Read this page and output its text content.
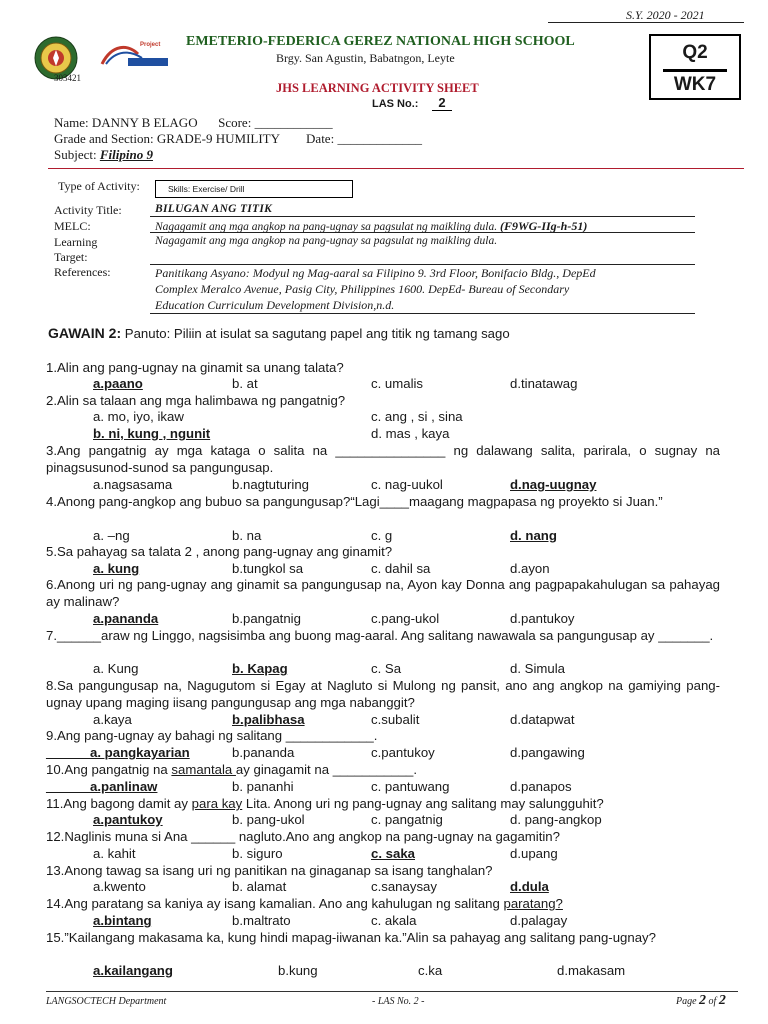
S.Y. 2020 - 2021
Project
303421
EMETERIO-FEDERICA GEREZ NATIONAL HIGH SCHOOL
Brgy. San Agustin, Babatngon, Leyte	Q2
WK7
JHS LEARNING ACTIVITY SHEET
LAS No.:	2
Name: DANNY B ELAGO Score: ____________
Grade and Section: GRADE-9 HUMILITY Date: _____________
Subject: Filipino 9
Type of Activity:	Skills: Exercise/ Drill
Activity Title:	BILUGAN ANG TITIK
MELC:	Nagagamit ang mga angkop na pang-ugnay sa pagsulat ng maikling dula. (F9WG-IIg-h-51)
Learning
Target:
Nagagamit ang mga angkop na pang-ugnay sa pagsulat ng maikling dula.
References:	Panitikang Asyano: Modyul ng Mag-aaral sa Filipino 9. 3rd Floor, Bonifacio Bldg., DepEd
Complex Meralco Avenue, Pasig City, Philippines 1600. DepEd- Bureau of Secondary
Education Curriculum Development Division,n.d.
GAWAIN 2: Panuto: Piliin at isulat sa sagutang papel ang titik ng tamang sago
1.Alin ang pang-ugnay na ginamit sa unang talata?
a.paano	b. at	c. umalis	d.tinatawag
2.Alin sa talaan ang mga halimbawa ng pangatnig?
a. mo, iyo, ikaw	c. ang , si , sina
b. ni, kung , ngunit	d. mas , kaya
3.Ang pangatnig ay mga kataga o salita na _______________ ng dalawang salita, parirala, o sugnay na pinagsusunod-sunod sa pangungusap.
a.nagsasama	b.nagtuturing	c. nag-uukol	d.nag-uugnay
4.Anong pang-angkop ang bubuo sa pangungusap?“Lagi____maagang magpapasa ng proyekto si Juan.”
a. –ng	b. na	c. g	d. nang
5.Sa pahayag sa talata 2 , anong pang-ugnay ang ginamit?
a. kung	b.tungkol sa	c. dahil sa	d.ayon
6.Anong uri ng pang-ugnay ang ginamit sa pangungusap na, Ayon kay Donna ang pagpapakahulugan sa pahayag ay malinaw?
a.pananda	b.pangatnig	c.pang-ukol	d.pantukoy
7.______araw ng Linggo, nagsisimba ang buong mag-aaral. Ang salitang nawawala sa pangungusap ay _______.
a. Kung	b. Kapag	c. Sa	d. Simula
8.Sa pangungusap na, Nagugutom si Egay at Nagluto si Mulong ng pansit, ano ang angkop na gamiying pang-ugnay upang maging iisang pangungusap ang mga nabanggit?
a.kaya	b.palibhasa	c.subalit	d.datapwat
9.Ang pang-ugnay ay bahagi ng salitang ____________.
______a. pangkayarian	b.pananda	c.pantukoy	d.pangawing
10.Ang pangatnig na samantala ay ginagamit na ___________.
______a.panlinaw	b. pananhi	c. pantuwang	d.panapos
11.Ang bagong damit ay para kay Lita. Anong uri ng pang-ugnay ang salitang may salungguhit?
a.pantukoy	b. pang-ukol	c. pangatnig	d. pang-angkop
12.Naglinis muna si Ana ______ nagluto.Ano ang angkop na pang-ugnay na gagamitin?
a. kahit	b. siguro	c. saka	d.upang
13.Anong tawag sa isang uri ng panitikan na ginaganap sa isang tanghalan?
a.kwento	b. alamat	c.sanaysay	d.dula
14.Ang paratang sa kaniya ay isang kamalian. Ano ang kahulugan ng salitang paratang?
a.bintang	b.maltrato	c. akala	d.palagay
15.”Kailangang makasama ka, kung hindi mapag-iiwanan ka.”Alin sa pahayag ang salitang pang-ugnay?
a.kailangang	b.kung	c.ka	d.makasam
LANGSOCTECH Department	- LAS No. 2 -	Page 2 of 2
